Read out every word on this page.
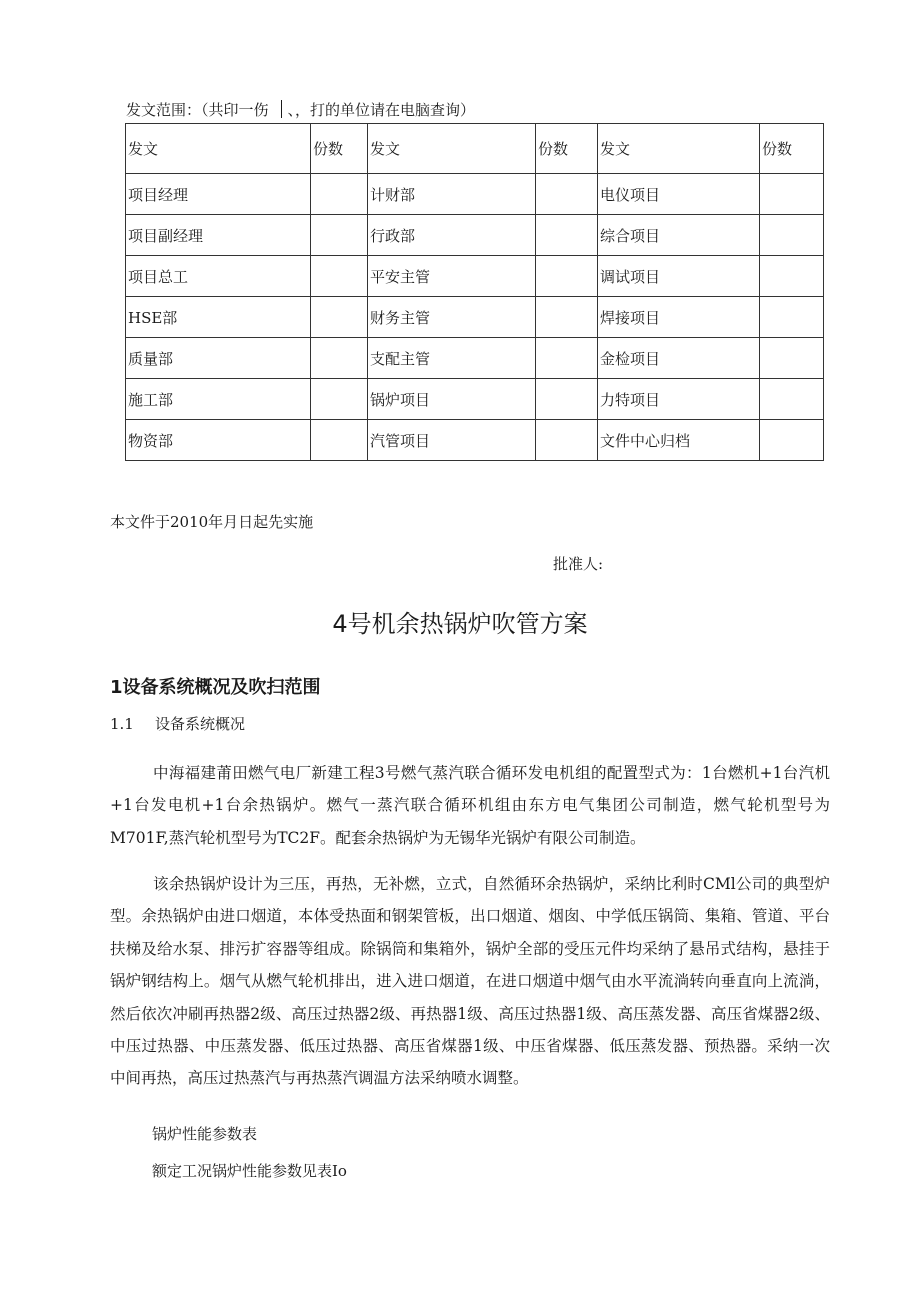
发文范围：（共印一伤 、，打的单位请在电脑查询）
发文	份数	发文	份数	发文	份数
项目经理		计财部		电仪项目	
项目副经理		行政部		综合项目	
项目总工		平安主管		调试项目	
HSE部		财务主管		焊接项目	
质量部		支配主管		金检项目	
施工部		锅炉项目		力特项目	
物资部		汽管项目		文件中心归档	
本文件于2010年月日起先实施
批准人:
4号机余热锅炉吹管方案
1设备系统概况及吹扫范围
1.1 设备系统概况

中海福建莆田燃气电厂新建工程3号燃气蒸汽联合循环发电机组的配置型式为：1台燃机+1台汽机+1台发电机+1台余热锅炉。燃气一蒸汽联合循环机组由东方电气集团公司制造，燃气轮机型号为M701F,蒸汽轮机型号为TC2F。配套余热锅炉为无锡华光锅炉有限公司制造。

该余热锅炉设计为三压，再热，无补燃，立式，自然循环余热锅炉，采纳比利时CMl公司的典型炉型。余热锅炉由进口烟道，本体受热面和钢架管板，出口烟道、烟囱、中学低压锅筒、集箱、管道、平台扶梯及给水泵、排污扩容器等组成。除锅筒和集箱外，锅炉全部的受压元件均采纳了悬吊式结构，悬挂于锅炉钢结构上。烟气从燃气轮机排出，进入进口烟道，在进口烟道中烟气由水平流淌转向垂直向上流淌，然后依次冲刷再热器2级、高压过热器2级、再热器1级、高压过热器1级、高压蒸发器、高压省煤器2级、中压过热器、中压蒸发器、低压过热器、高压省煤器1级、中压省煤器、低压蒸发器、预热器。采纳一次中间再热，高压过热蒸汽与再热蒸汽调温方法采纳喷水调整。

锅炉性能参数表
额定工况锅炉性能参数见表Io
